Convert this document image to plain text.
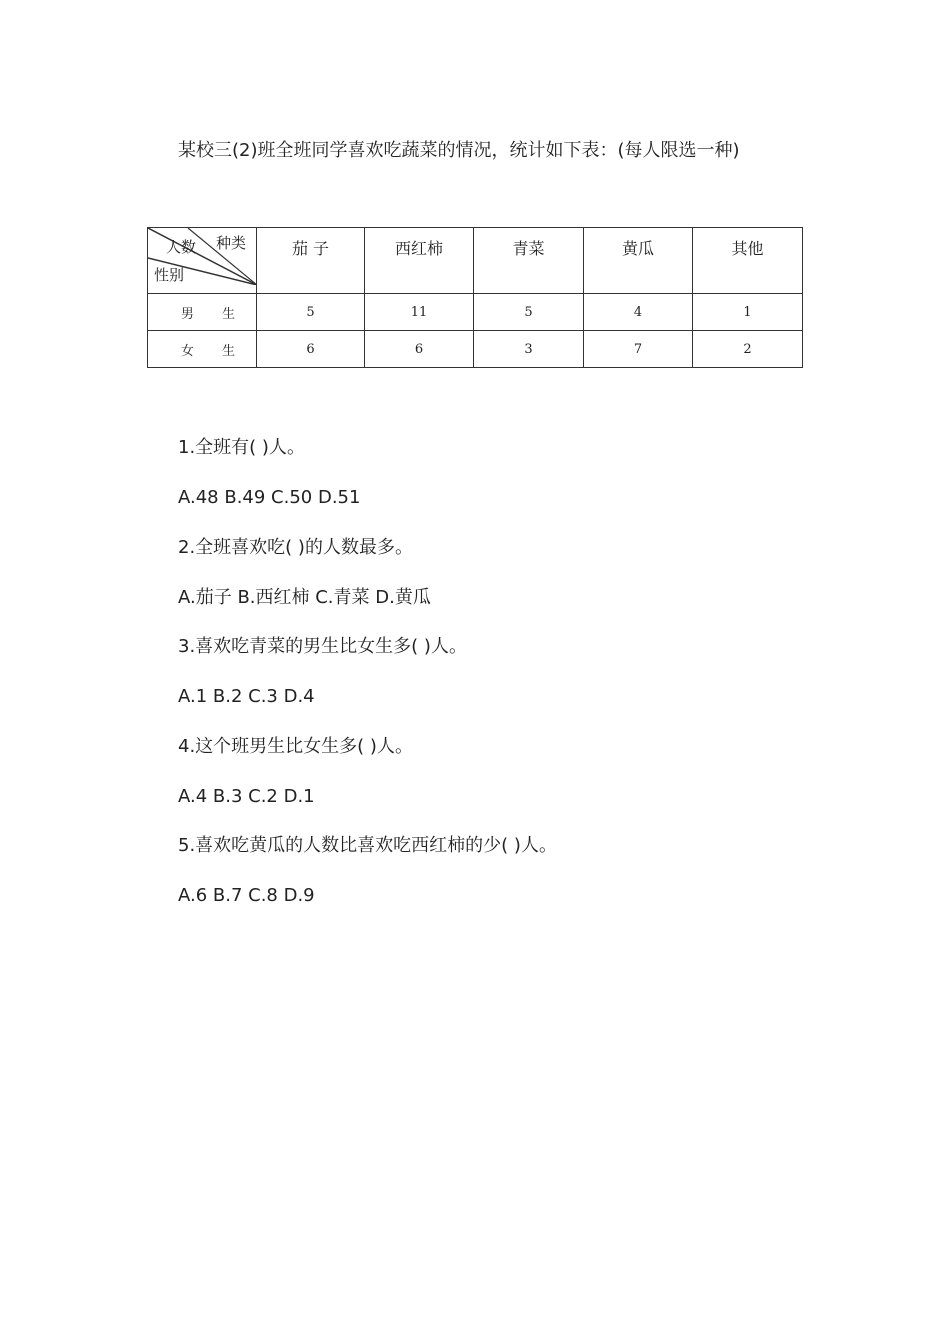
某校三(2)班全班同学喜欢吃蔬菜的情况，统计如下表：(每人限选一种)
种类
人数
性别	茄 子	西红柿	青菜	黄瓜	其他
男 生	5	11	5	4	1
女 生	6	6	3	7	2
1.全班有( )人。
A.48 B.49 C.50 D.51
2.全班喜欢吃( )的人数最多。
A.茄子 B.西红柿 C.青菜 D.黄瓜
3.喜欢吃青菜的男生比女生多( )人。
A.1 B.2 C.3 D.4
4.这个班男生比女生多( )人。
A.4 B.3 C.2 D.1
5.喜欢吃黄瓜的人数比喜欢吃西红柿的少( )人。
A.6 B.7 C.8 D.9
